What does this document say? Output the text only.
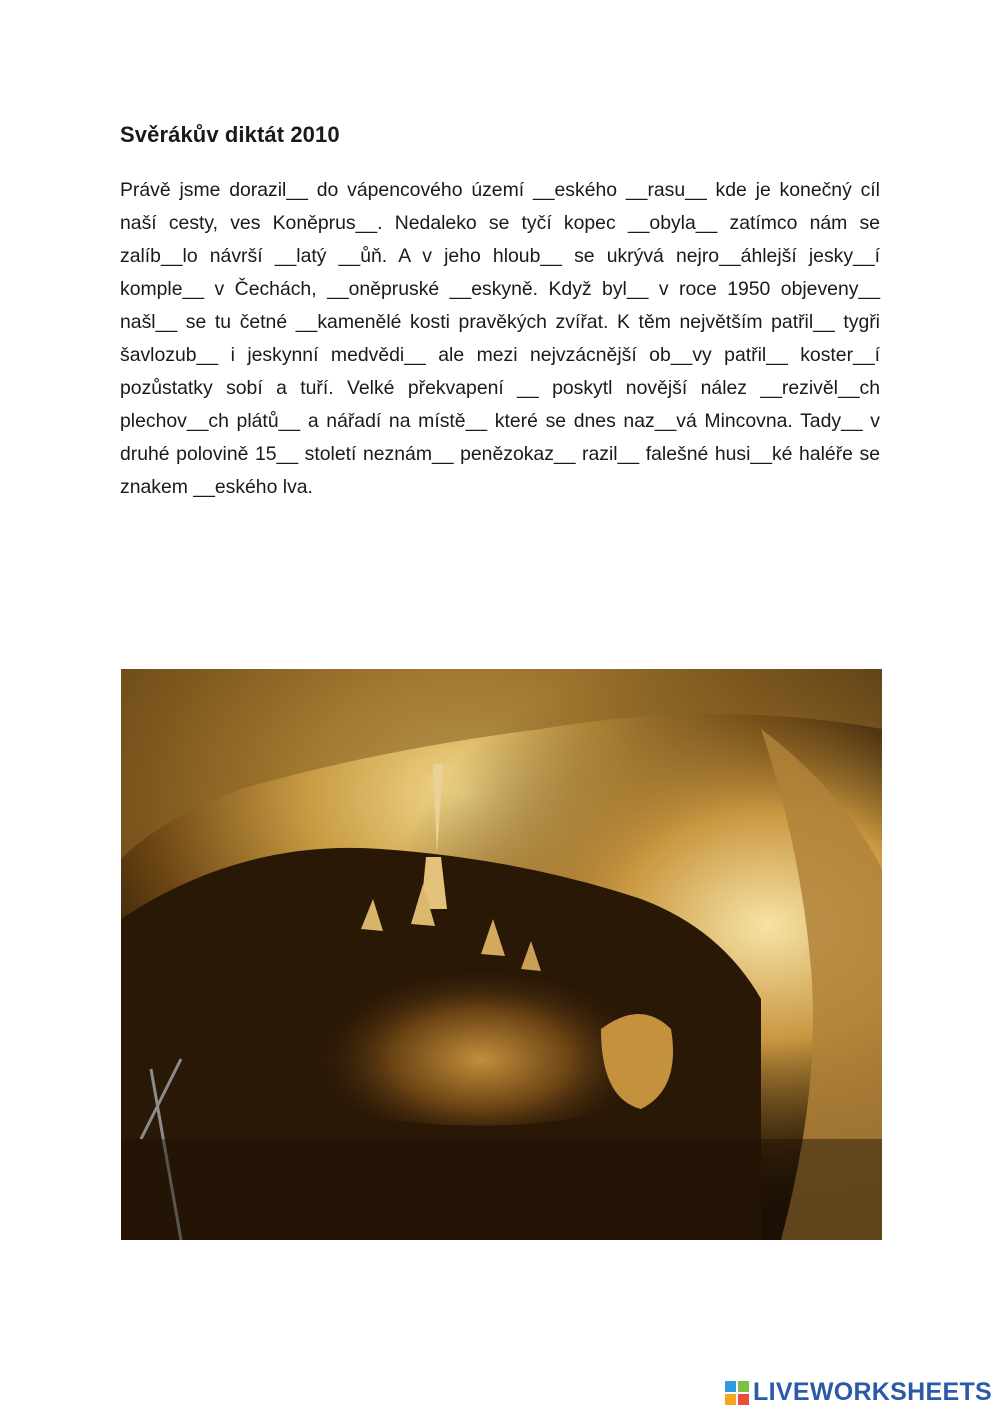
Svěrákův diktát 2010
Právě jsme dorazil__ do vápencového území __eského __rasu__ kde je konečný cíl naší cesty, ves Koněprus__. Nedaleko se tyčí kopec __obyla__ zatímco nám se zalíb__lo návrší __latý __ůň. A v jeho hloub__ se ukrývá nejro__áhlejší jesky__í komple__ v Čechách, __oněpruské __eskyně. Když byl__ v roce 1950 objeveny__ našl__ se tu četné __kamenělé kosti pravěkých zvířat. K těm největším patřil__ tygři šavlozub__ i jeskynní medvědi__ ale mezi nejvzácnější ob__vy patřil__ koster__í pozůstatky sobí a tuří. Velké překvapení __ poskytl novější nález __rezivěl__ch plechov__ch plátů__ a nářadí na místě__ které se dnes naz__vá Mincovna. Tady__ v druhé polovině 15__ století neznám__ penězokaz__ razil__ falešné husi__ké haléře se znakem __eského lva.
LIVEWORKSHEETS
